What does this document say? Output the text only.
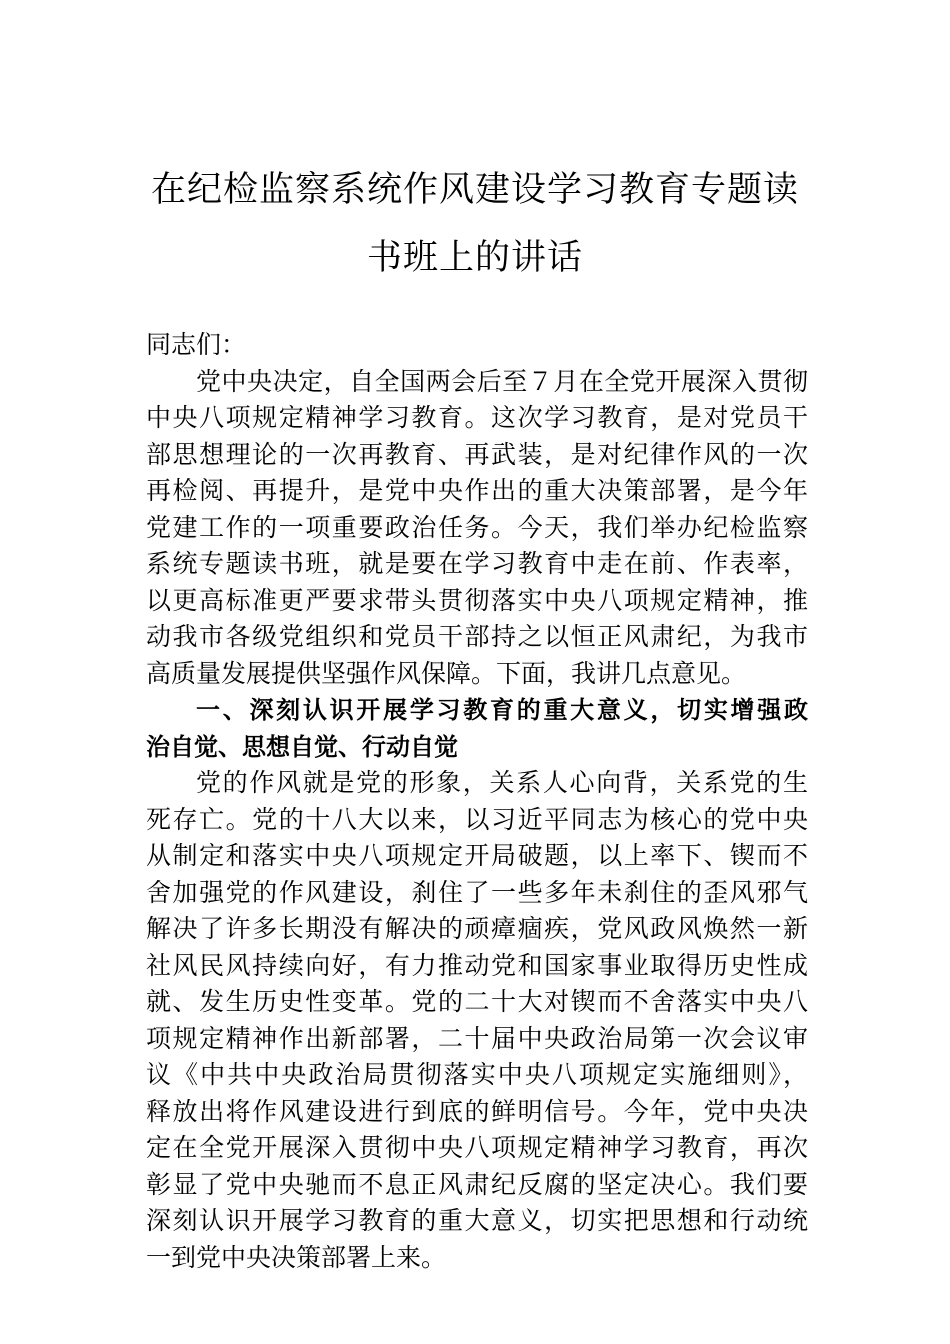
在纪检监察系统作风建设学习教育专题读
书班上的讲话
同志们：
党中央决定，自全国两会后至７月在全党开展深入贯彻
中央八项规定精神学习教育。这次学习教育，是对党员干
部思想理论的一次再教育、再武装，是对纪律作风的一次
再检阅、再提升，是党中央作出的重大决策部署，是今年
党建工作的一项重要政治任务。今天，我们举办纪检监察
系统专题读书班，就是要在学习教育中走在前、作表率，
以更高标准更严要求带头贯彻落实中央八项规定精神，推
动我市各级党组织和党员干部持之以恒正风肃纪，为我市
高质量发展提供坚强作风保障。下面，我讲几点意见。
一、深刻认识开展学习教育的重大意义，切实增强政
治自觉、思想自觉、行动自觉
党的作风就是党的形象，关系人心向背，关系党的生
死存亡。党的十八大以来，以习近平同志为核心的党中央
从制定和落实中央八项规定开局破题，以上率下、锲而不
舍加强党的作风建设，刹住了一些多年未刹住的歪风邪气
解决了许多长期没有解决的顽瘴痼疾，党风政风焕然一新
社风民风持续向好，有力推动党和国家事业取得历史性成
就、发生历史性变革。党的二十大对锲而不舍落实中央八
项规定精神作出新部署，二十届中央政治局第一次会议审
议《中共中央政治局贯彻落实中央八项规定实施细则》，
释放出将作风建设进行到底的鲜明信号。今年，党中央决
定在全党开展深入贯彻中央八项规定精神学习教育，再次
彰显了党中央驰而不息正风肃纪反腐的坚定决心。我们要
深刻认识开展学习教育的重大意义，切实把思想和行动统
一到党中央决策部署上来。
